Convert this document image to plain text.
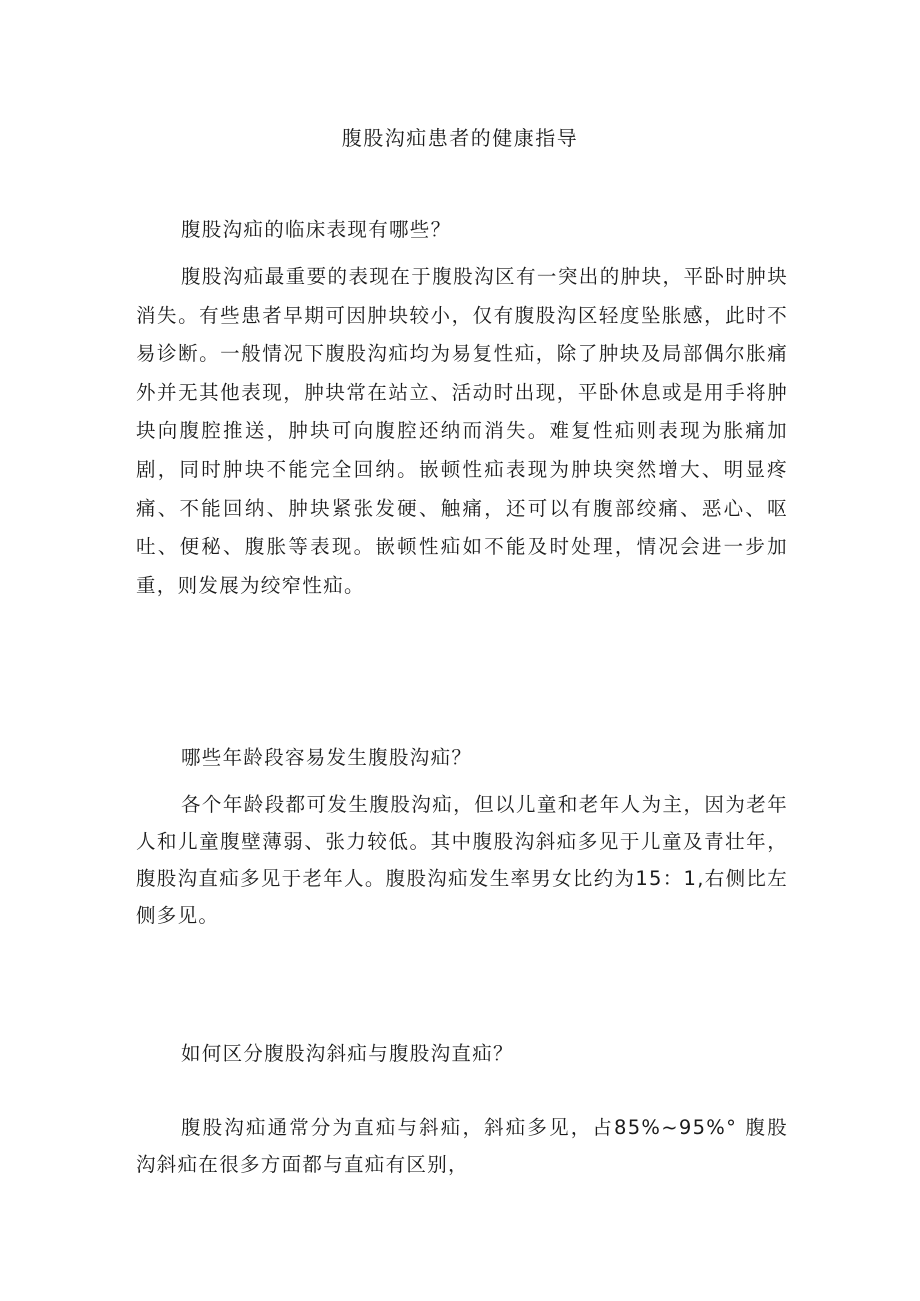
腹股沟疝患者的健康指导
腹股沟疝的临床表现有哪些？
腹股沟疝最重要的表现在于腹股沟区有一突出的肿块，平卧时肿块消失。有些患者早期可因肿块较小，仅有腹股沟区轻度坠胀感，此时不易诊断。一般情况下腹股沟疝均为易复性疝，除了肿块及局部偶尔胀痛外并无其他表现，肿块常在站立、活动时出现，平卧休息或是用手将肿块向腹腔推送，肿块可向腹腔还纳而消失。难复性疝则表现为胀痛加剧，同时肿块不能完全回纳。嵌顿性疝表现为肿块突然增大、明显疼痛、不能回纳、肿块紧张发硬、触痛，还可以有腹部绞痛、恶心、呕吐、便秘、腹胀等表现。嵌顿性疝如不能及时处理，情况会进一步加重，则发展为绞窄性疝。
哪些年龄段容易发生腹股沟疝？
各个年龄段都可发生腹股沟疝，但以儿童和老年人为主，因为老年人和儿童腹壁薄弱、张力较低。其中腹股沟斜疝多见于儿童及青壮年，腹股沟直疝多见于老年人。腹股沟疝发生率男女比约为15：1,右侧比左侧多见。
如何区分腹股沟斜疝与腹股沟直疝？
腹股沟疝通常分为直疝与斜疝，斜疝多见，占85%~95%° 腹股沟斜疝在很多方面都与直疝有区别，
